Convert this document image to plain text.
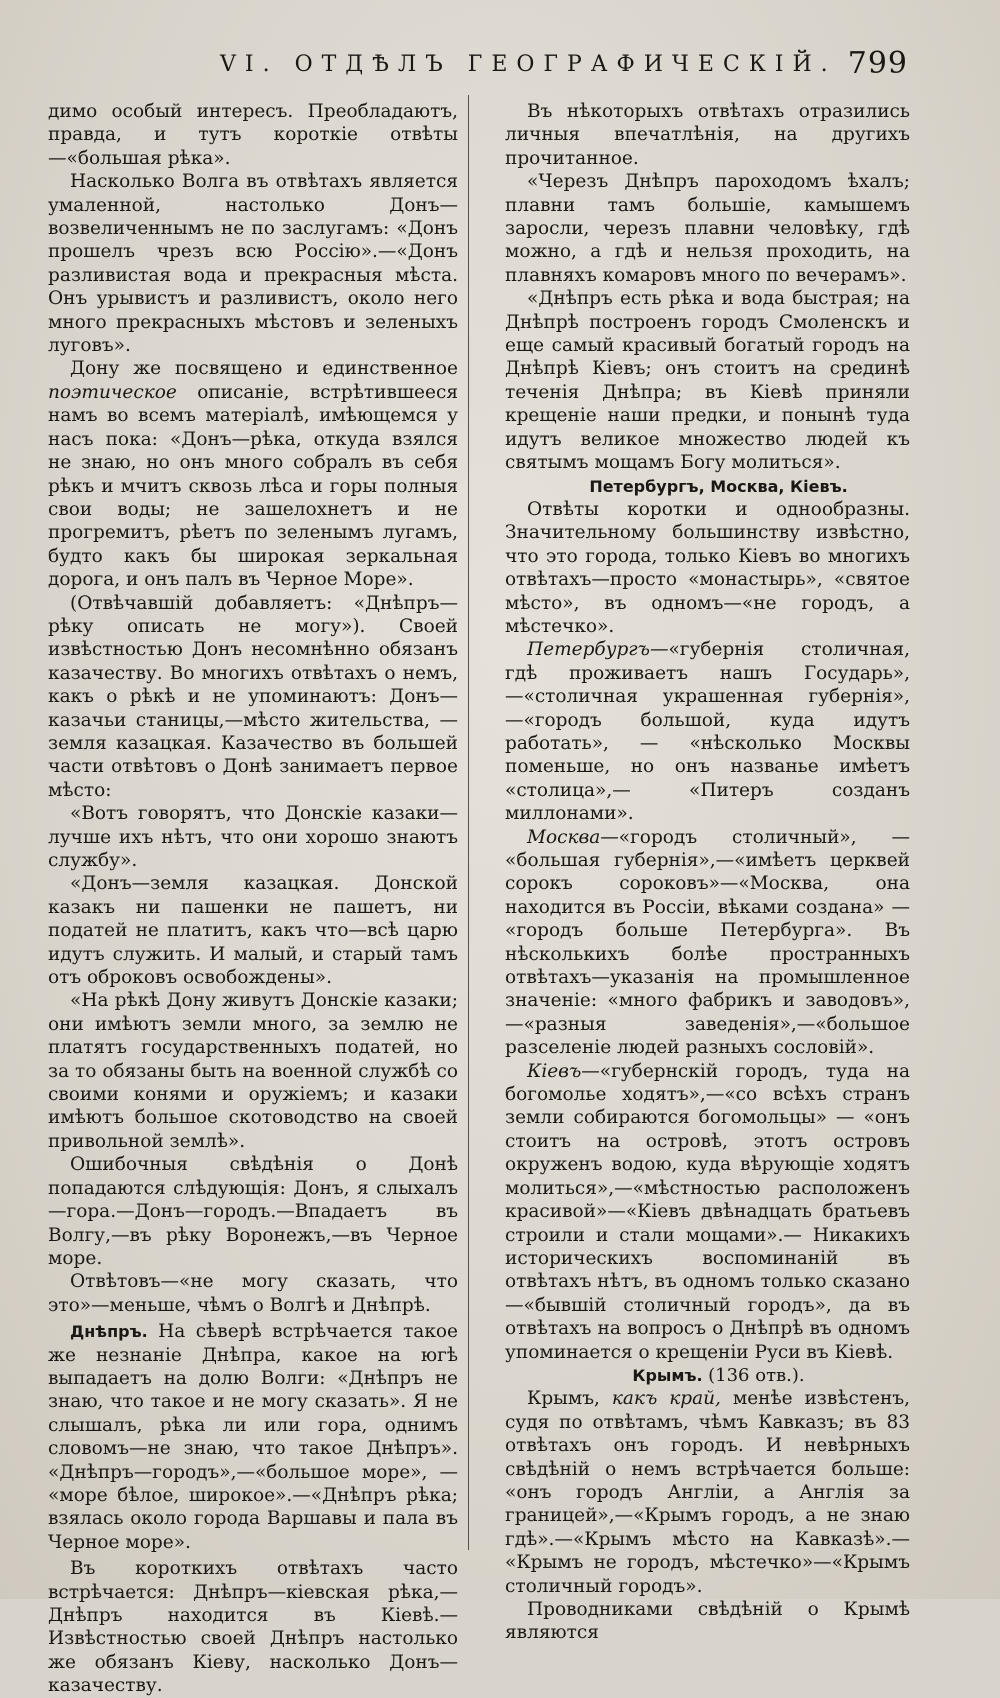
VI. ОТДѢЛЪ ГЕОГРАФИЧЕСКІЙ. 799

димо особый интересъ. Преобладаютъ, правда, и тутъ короткіе отвѣты—«большая рѣка».

Насколько Волга въ отвѣтахъ является умаленной, настолько Донъ—возвеличеннымъ не по заслугамъ: «Донъ прошелъ чрезъ всю Россію».—«Донъ разливистая вода и прекрасныя мѣста. Онъ урывистъ и разливистъ, около него много прекрасныхъ мѣстовъ и зеленыхъ луговъ».

Дону же посвящено и единственное поэтическое описаніе, встрѣтившееся намъ во всемъ матеріалѣ, имѣющемся у насъ пока: «Донъ—рѣка, откуда взялся не знаю, но онъ много собралъ въ себя рѣкъ и мчитъ сквозь лѣса и горы полныя свои воды; не зашелохнетъ и не прогремитъ, рѣетъ по зеленымъ лугамъ, будто какъ бы широкая зеркальная дорога, и онъ палъ въ Черное Море».

(Отвѣчавшій добавляетъ: «Днѣпръ—рѣку описать не могу»). Своей извѣстностью Донъ несомнѣнно обязанъ казачеству. Во многихъ отвѣтахъ о немъ, какъ о рѣкѣ и не упоминаютъ: Донъ—казачьи станицы,—мѣсто жительства, — земля казацкая. Казачество въ большей части отвѣтовъ о Донѣ занимаетъ первое мѣсто:

«Вотъ говорятъ, что Донскіе казаки—лучше ихъ нѣтъ, что они хорошо знаютъ службу».

«Донъ—земля казацкая. Донской казакъ ни пашенки не пашетъ, ни податей не платитъ, какъ что—всѣ царю идутъ служить. И малый, и старый тамъ отъ оброковъ освобождены».

«На рѣкѣ Дону живутъ Донскіе казаки; они имѣютъ земли много, за землю не платятъ государственныхъ податей, но за то обязаны быть на военной службѣ со своими конями и оружіемъ; и казаки имѣютъ большое скотоводство на своей привольной землѣ».

Ошибочныя свѣдѣнія о Донѣ попадаются слѣдующія: Донъ, я слыхалъ—гора.—Донъ—городъ.—Впадаетъ въ Волгу,—въ рѣку Воронежъ,—въ Черное море.

Отвѣтовъ—«не могу сказать, что это»—меньше, чѣмъ о Волгѣ и Днѣпрѣ.

Днѣпръ. На сѣверѣ встрѣчается такое же незнаніе Днѣпра, какое на югѣ выпадаетъ на долю Волги: «Днѣпръ не знаю, что такое и не могу сказать». Я не слышалъ, рѣка ли или гора, однимъ словомъ—не знаю, что такое Днѣпръ». «Днѣпръ—городъ»,—«большое море», — «море бѣлое, широкое».—«Днѣпръ рѣка; взялась около города Варшавы и пала въ Черное море».

Въ короткихъ отвѣтахъ часто встрѣчается: Днѣпръ—кіевская рѣка,—Днѣпръ находится въ Кіевѣ.—Извѣстностью своей Днѣпръ настолько же обязанъ Кіеву, насколько Донъ—казачеству.

Въ нѣкоторыхъ отвѣтахъ отразились личныя впечатлѣнія, на другихъ прочитанное.

«Черезъ Днѣпръ пароходомъ ѣхалъ; плавни тамъ большіе, камышемъ заросли, черезъ плавни человѣку, гдѣ можно, а гдѣ и нельзя проходить, на плавняхъ комаровъ много по вечерамъ».

«Днѣпръ есть рѣка и вода быстрая; на Днѣпрѣ построенъ городъ Смоленскъ и еще самый красивый богатый городъ на Днѣпрѣ Кіевъ; онъ стоитъ на срединѣ теченія Днѣпра; въ Кіевѣ приняли крещеніе наши предки, и понынѣ туда идутъ великое множество людей къ святымъ мощамъ Богу молиться».

Петербургъ, Москва, Кіевъ.

Отвѣты коротки и однообразны. Значительному большинству извѣстно, что это города, только Кіевъ во многихъ отвѣтахъ—просто «монастырь», «святое мѣсто», въ одномъ—«не городъ, а мѣстечко».

Петербургъ—«губернія столичная, гдѣ проживаетъ нашъ Государь»,—«столичная украшенная губернія»,—«городъ большой, куда идутъ работать», — «нѣсколько Москвы поменьше, но онъ названье имѣетъ «столица»,— «Питеръ созданъ миллонами».

Москва—«городъ столичный», — «большая губернія»,—«имѣетъ церквей сорокъ сороковъ»—«Москва, она находится въ Россіи, вѣками создана» — «городъ больше Петербурга». Въ нѣсколькихъ болѣе пространныхъ отвѣтахъ—указанія на промышленное значеніе: «много фабрикъ и заводовъ»,—«разныя заведенія»,—«большое разселеніе людей разныхъ сословій».

Кіевъ—«губернскій городъ, туда на богомолье ходятъ»,—«со всѣхъ странъ земли собираются богомольцы» — «онъ стоитъ на островѣ, этотъ островъ окруженъ водою, куда вѣрующіе ходятъ молиться»,—«мѣстностью расположенъ красивой»—«Кіевъ двѣнадцать братьевъ строили и стали мощами».— Никакихъ историческихъ воспоминаній въ отвѣтахъ нѣтъ, въ одномъ только сказано—«бывшій столичный городъ», да въ отвѣтахъ на вопросъ о Днѣпрѣ въ одномъ упоминается о крещеніи Руси въ Кіевѣ.

Крымъ. (136 отв.).

Крымъ, какъ край, менѣе извѣстенъ, судя по отвѣтамъ, чѣмъ Кавказъ; въ 83 отвѣтахъ онъ городъ. И невѣрныхъ свѣдѣній о немъ встрѣчается больше: «онъ городъ Англіи, а Англія за границей»,—«Крымъ городъ, а не знаю гдѣ».—«Крымъ мѣсто на Кавказѣ».— «Крымъ не городъ, мѣстечко»—«Крымъ столичный городъ».

Проводниками свѣдѣній о Крымѣ являются
